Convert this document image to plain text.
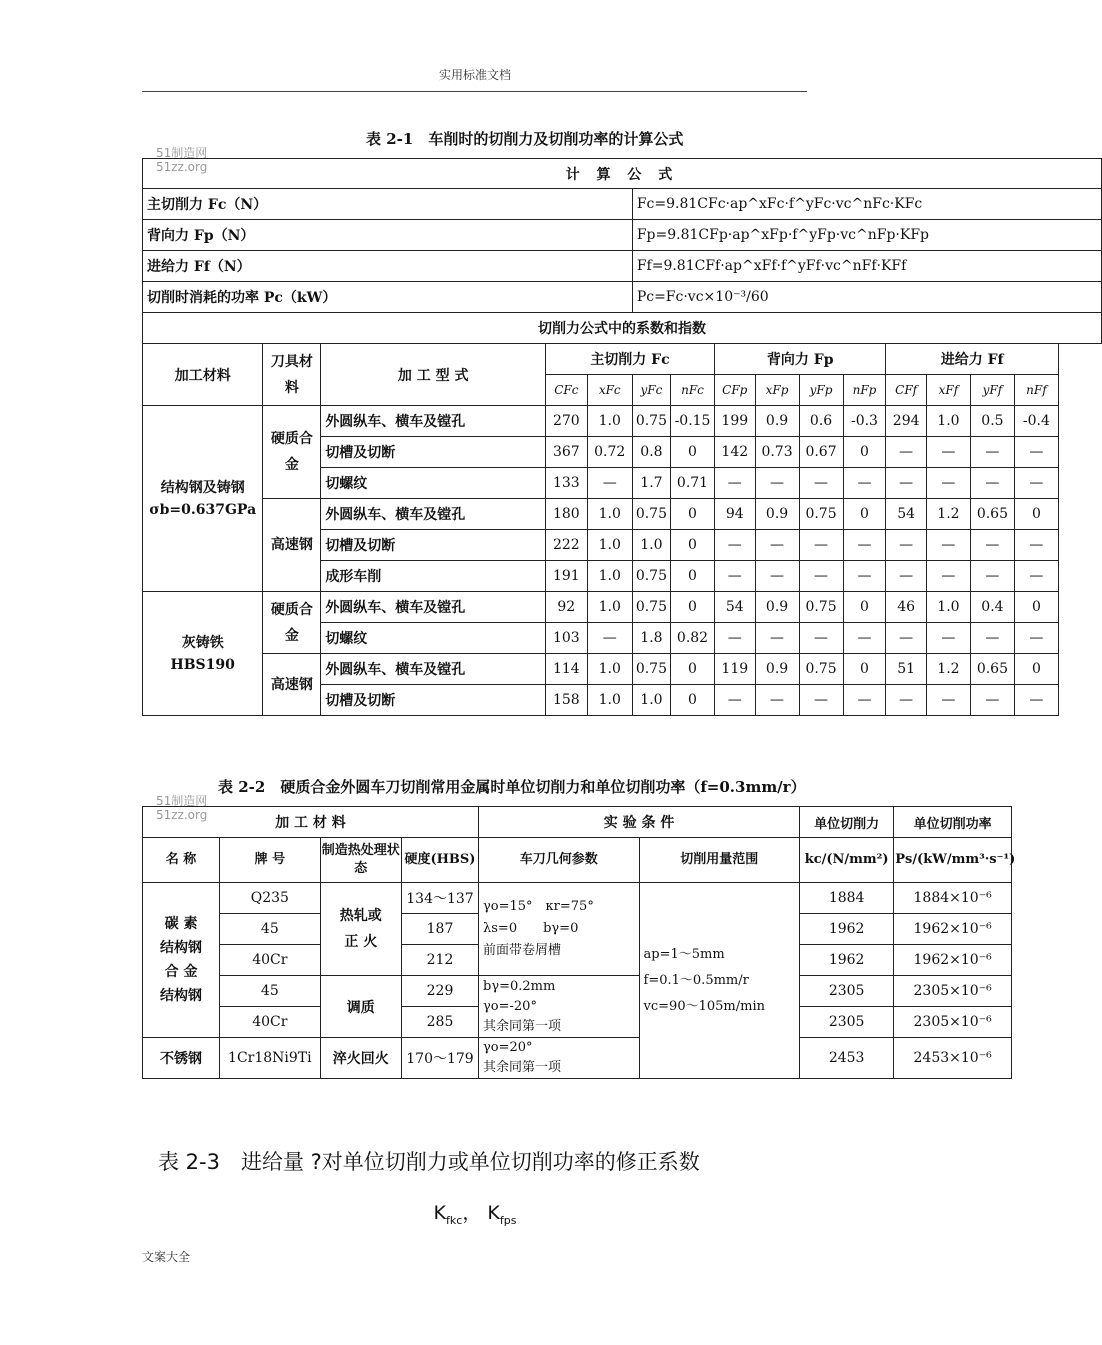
实用标准文档
表 2-1　车削时的切削力及切削功率的计算公式
51制造网
51zz.org	计 算 公 式														
主切削力 Fc（N）					Fc=9.81CFc·ap^xFc·f^yFc·vc^nFc·KFc									
背向力 Fp（N）					Fp=9.81CFp·ap^xFp·f^yFp·vc^nFp·KFp									
进给力 Ff（N）					Ff=9.81CFf·ap^xFf·f^yFf·vc^nFf·KFf									
切削时消耗的功率 Pc（kW）					Pc=Fc·vc×10⁻³/60									
切削力公式中的系数和指数														
加工材料	刀具材料	加 工 型 式	主切削力 Fc				背向力 Fp				进给力 Ff			
			CFc	xFc	yFc	nFc	CFp	xFp	yFp	nFp	CFf	xFf	yFf	nFf
结构钢及铸钢
σb=0.637GPa	硬质合金	外圆纵车、横车及镗孔	270	1.0	0.75	-0.15	199	0.9	0.6	-0.3	294	1.0	0.5	-0.4
		切槽及切断	367	0.72	0.8	0	142	0.73	0.67	0	—	—	—	—
		切螺纹	133	—	1.7	0.71	—	—	—	—	—	—	—	—
	高速钢	外圆纵车、横车及镗孔	180	1.0	0.75	0	94	0.9	0.75	0	54	1.2	0.65	0
		切槽及切断	222	1.0	1.0	0	—	—	—	—	—	—	—	—
		成形车削	191	1.0	0.75	0	—	—	—	—	—	—	—	—
灰铸铁
HBS190	硬质合金	外圆纵车、横车及镗孔	92	1.0	0.75	0	54	0.9	0.75	0	46	1.0	0.4	0
		切螺纹	103	—	1.8	0.82	—	—	—	—	—	—	—	—
	高速钢	外圆纵车、横车及镗孔	114	1.0	0.75	0	119	0.9	0.75	0	51	1.2	0.65	0
		切槽及切断	158	1.0	1.0	0	—	—	—	—	—	—	—	—
表 2-2　硬质合金外圆车刀切削常用金属时单位切削力和单位切削功率（f=0.3mm/r）
51制造网
51zz.org	加 工 材 料				实 验 条 件		单位切削力	单位切削功率
名 称	牌 号	制造热处理状态	硬度(HBS)	车刀几何参数	切削用量范围	kc/(N/mm²)	Ps/(kW/mm³·s⁻¹)
碳 素
结构钢
合 金
结构钢	Q235	热轧或
正 火	134～137	γo=15°　κr=75°
λs=0　　bγ=0
前面带卷屑槽	ap=1～5mm
f=0.1～0.5mm/r
vc=90～105m/min	1884	1884×10⁻⁶
	45		187			1962	1962×10⁻⁶
	40Cr		212			1962	1962×10⁻⁶
	45	调质	229	bγ=0.2mm
γo=-20°
其余同第一项		2305	2305×10⁻⁶
	40Cr		285			2305	2305×10⁻⁶
不锈钢	1Cr18Ni9Ti	淬火回火	170～179	γo=20°
其余同第一项		2453	2453×10⁻⁶
表 2-3　进给量 ?对单位切削力或单位切削功率的修正系数
$K_{fkc}$， $K_{fps}$
文案大全
